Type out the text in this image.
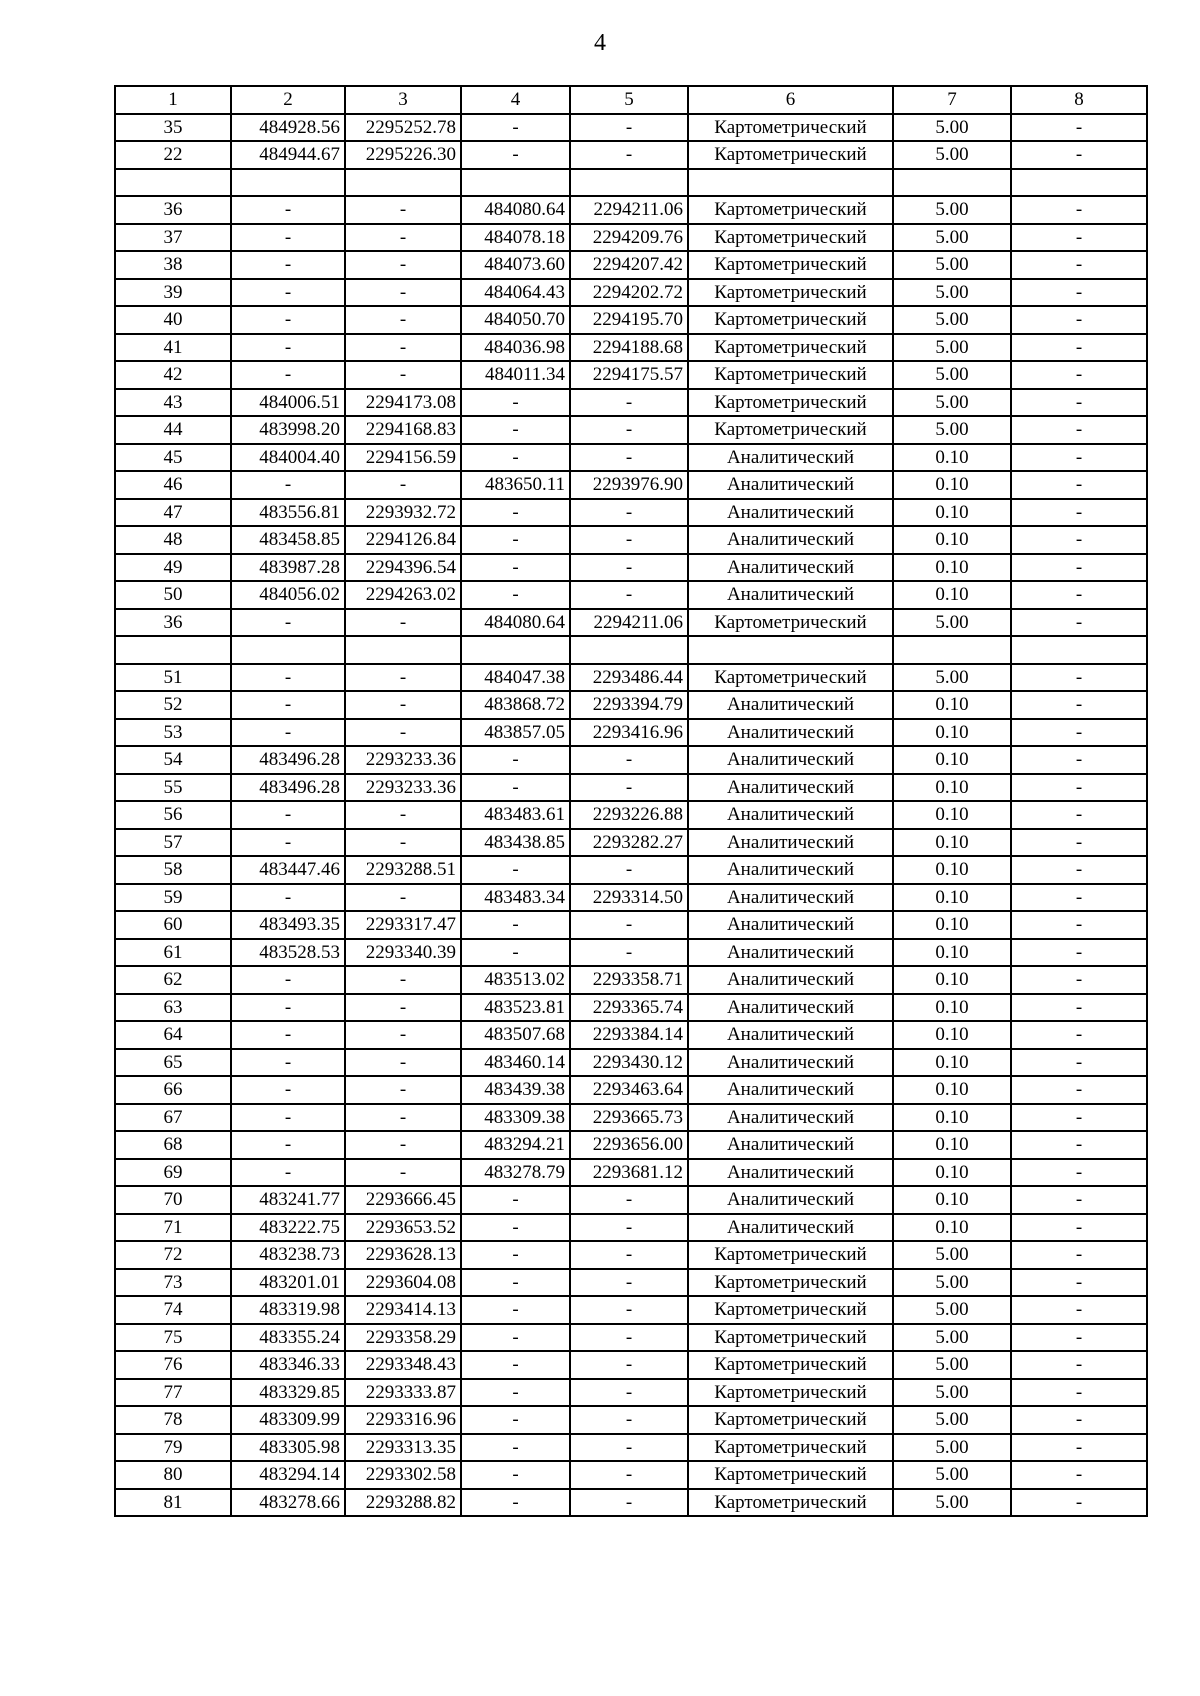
4
1	2	3	4	5	6	7	8
35	484928.56	2295252.78	-	-	Картометрический	5.00	-
22	484944.67	2295226.30	-	-	Картометрический	5.00	-

36	-	-	484080.64	2294211.06	Картометрический	5.00	-
37	-	-	484078.18	2294209.76	Картометрический	5.00	-
38	-	-	484073.60	2294207.42	Картометрический	5.00	-
39	-	-	484064.43	2294202.72	Картометрический	5.00	-
40	-	-	484050.70	2294195.70	Картометрический	5.00	-
41	-	-	484036.98	2294188.68	Картометрический	5.00	-
42	-	-	484011.34	2294175.57	Картометрический	5.00	-
43	484006.51	2294173.08	-	-	Картометрический	5.00	-
44	483998.20	2294168.83	-	-	Картометрический	5.00	-
45	484004.40	2294156.59	-	-	Аналитический	0.10	-
46	-	-	483650.11	2293976.90	Аналитический	0.10	-
47	483556.81	2293932.72	-	-	Аналитический	0.10	-
48	483458.85	2294126.84	-	-	Аналитический	0.10	-
49	483987.28	2294396.54	-	-	Аналитический	0.10	-
50	484056.02	2294263.02	-	-	Аналитический	0.10	-
36	-	-	484080.64	2294211.06	Картометрический	5.00	-

51	-	-	484047.38	2293486.44	Картометрический	5.00	-
52	-	-	483868.72	2293394.79	Аналитический	0.10	-
53	-	-	483857.05	2293416.96	Аналитический	0.10	-
54	483496.28	2293233.36	-	-	Аналитический	0.10	-
55	483496.28	2293233.36	-	-	Аналитический	0.10	-
56	-	-	483483.61	2293226.88	Аналитический	0.10	-
57	-	-	483438.85	2293282.27	Аналитический	0.10	-
58	483447.46	2293288.51	-	-	Аналитический	0.10	-
59	-	-	483483.34	2293314.50	Аналитический	0.10	-
60	483493.35	2293317.47	-	-	Аналитический	0.10	-
61	483528.53	2293340.39	-	-	Аналитический	0.10	-
62	-	-	483513.02	2293358.71	Аналитический	0.10	-
63	-	-	483523.81	2293365.74	Аналитический	0.10	-
64	-	-	483507.68	2293384.14	Аналитический	0.10	-
65	-	-	483460.14	2293430.12	Аналитический	0.10	-
66	-	-	483439.38	2293463.64	Аналитический	0.10	-
67	-	-	483309.38	2293665.73	Аналитический	0.10	-
68	-	-	483294.21	2293656.00	Аналитический	0.10	-
69	-	-	483278.79	2293681.12	Аналитический	0.10	-
70	483241.77	2293666.45	-	-	Аналитический	0.10	-
71	483222.75	2293653.52	-	-	Аналитический	0.10	-
72	483238.73	2293628.13	-	-	Картометрический	5.00	-
73	483201.01	2293604.08	-	-	Картометрический	5.00	-
74	483319.98	2293414.13	-	-	Картометрический	5.00	-
75	483355.24	2293358.29	-	-	Картометрический	5.00	-
76	483346.33	2293348.43	-	-	Картометрический	5.00	-
77	483329.85	2293333.87	-	-	Картометрический	5.00	-
78	483309.99	2293316.96	-	-	Картометрический	5.00	-
79	483305.98	2293313.35	-	-	Картометрический	5.00	-
80	483294.14	2293302.58	-	-	Картометрический	5.00	-
81	483278.66	2293288.82	-	-	Картометрический	5.00	-
